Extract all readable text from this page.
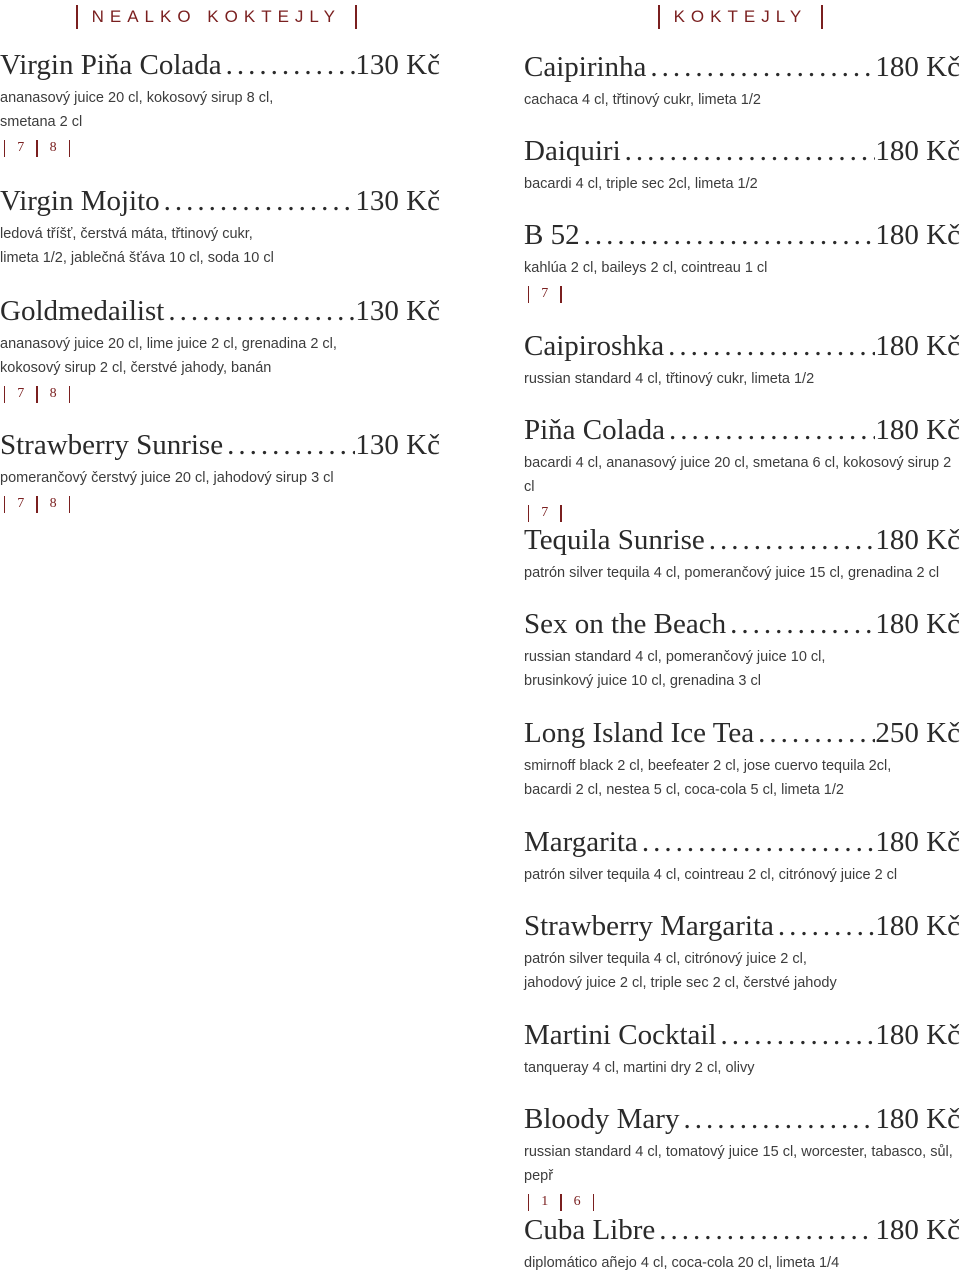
NEALKO KOKTEJLY
Virgin Piňa Colada .....	130 Kč
ananasový juice 20 cl, kokosový sirup 8 cl,
smetana 2 cl
7 8
Virgin Mojito .....	130 Kč
ledová tříšť, čerstvá máta, třtinový cukr,
limeta 1/2, jablečná šťáva 10 cl, soda 10 cl
Goldmedailist .....	130 Kč
ananasový juice 20 cl, lime juice 2 cl, grenadina 2 cl,
kokosový sirup 2 cl, čerstvé jahody, banán
7 8
Strawberry Sunrise .....	130 Kč
pomerančový čerstvý juice 20 cl, jahodový sirup 3 cl
7 8
KOKTEJLY
Caipirinha .....	180 Kč
cachaca 4 cl, třtinový cukr, limeta 1/2
Daiquiri .....	180 Kč
bacardi 4 cl, triple sec 2cl, limeta 1/2
B 52 .....	180 Kč
kahlúa 2 cl, baileys 2 cl, cointreau 1 cl
7
Caipiroshka .....	180 Kč
russian standard 4 cl, třtinový cukr, limeta 1/2
Piňa Colada .....	180 Kč
bacardi 4 cl, ananasový juice 20 cl, smetana 6 cl, kokosový sirup 2 cl
7
Tequila Sunrise .....	180 Kč
patrón silver tequila 4 cl, pomerančový juice 15 cl, grenadina 2 cl
Sex on the Beach .....	180 Kč
russian standard 4 cl, pomerančový juice 10 cl,
brusinkový juice 10 cl, grenadina 3 cl
Long Island Ice Tea .....	250 Kč
smirnoff black 2 cl, beefeater 2 cl, jose cuervo tequila 2cl,
bacardi 2 cl, nestea 5 cl, coca-cola 5 cl, limeta 1/2
Margarita .....	180 Kč
patrón silver tequila 4 cl, cointreau 2 cl, citrónový juice 2 cl
Strawberry Margarita .....	180 Kč
patrón silver tequila 4 cl, citrónový juice 2 cl,
jahodový juice 2 cl, triple sec 2 cl, čerstvé jahody
Martini Cocktail .....	180 Kč
tanqueray 4 cl, martini dry 2 cl, olivy
Bloody Mary .....	180 Kč
russian standard 4 cl, tomatový juice 15 cl, worcester, tabasco, sůl, pepř
1 6
Cuba Libre .....	180 Kč
diplomático añejo 4 cl, coca-cola 20 cl, limeta 1/4
